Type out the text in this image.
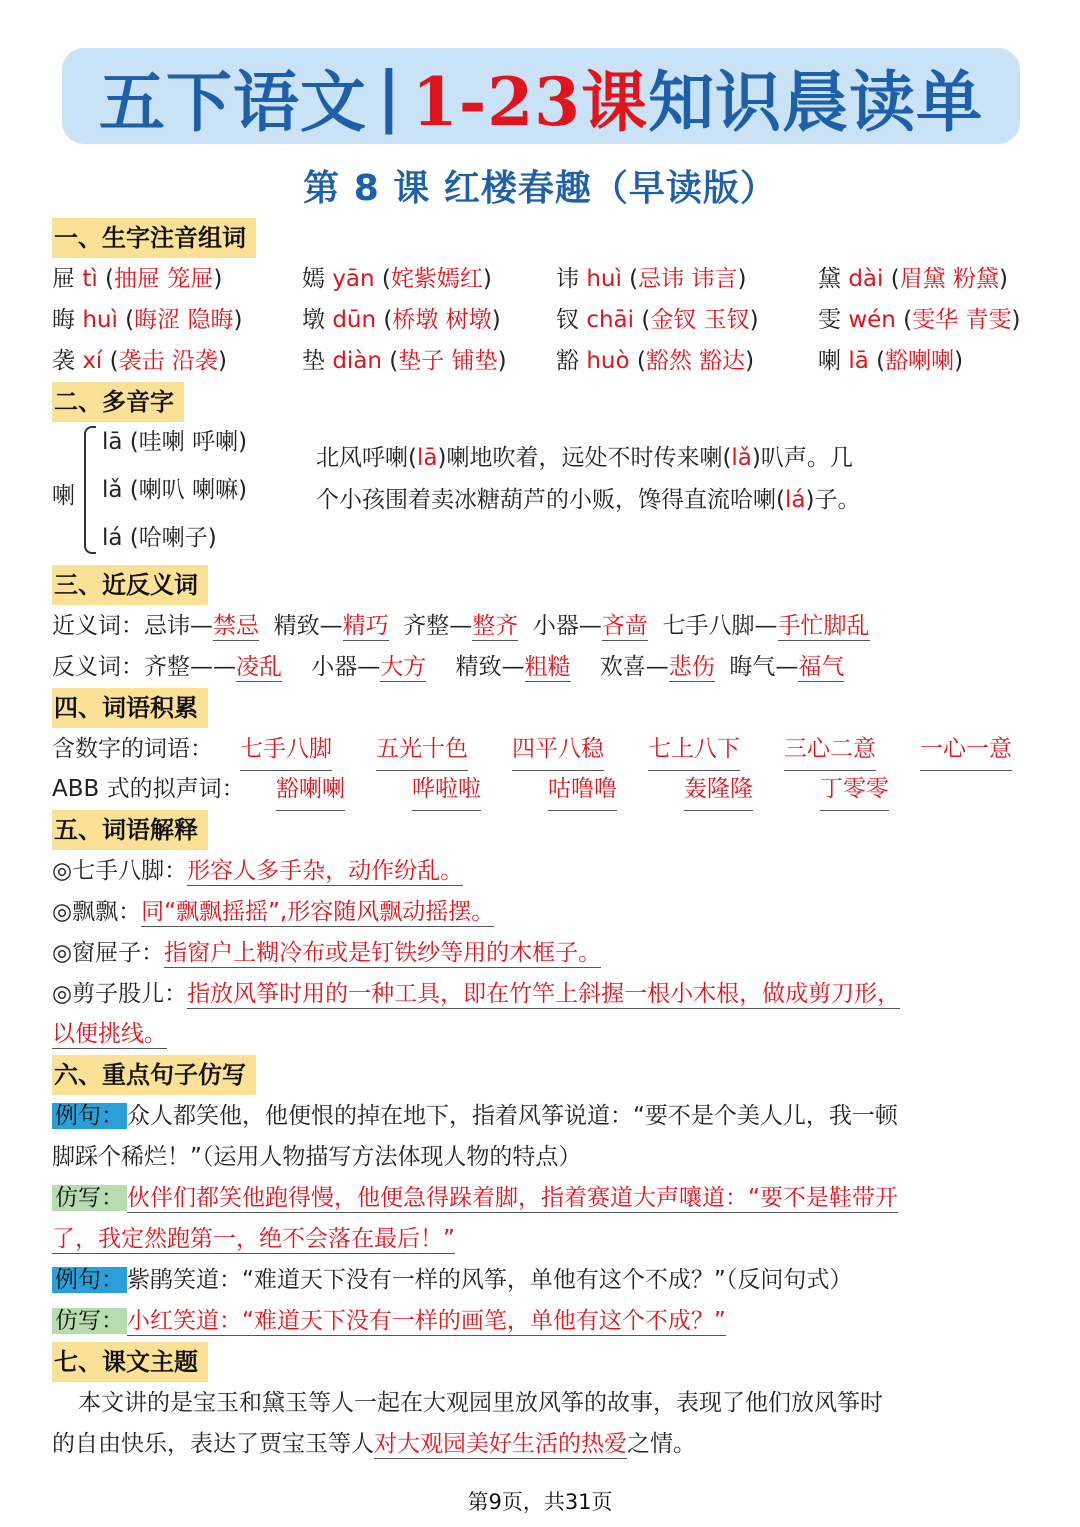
五下语文 | 1-23课 知识晨读单
第 8 课 红楼春趣（早读版）
一、生字注音组词
屉 tì (抽屉 笼屉)	嫣 yān (姹紫嫣红)	讳 huì (忌讳 讳言)	黛 dài (眉黛 粉黛)
晦 huì (晦涩 隐晦)	墩 dūn (桥墩 树墩) 钗 chāi (金钗 玉钗)	雯 wén (雯华 青雯)
袭 xí (袭击 沿袭)	垫 diàn (垫子 铺垫) 豁 huò (豁然 豁达)	喇 lā (豁喇喇)
二、多音字
喇
lā (哇喇 呼喇)
lǎ (喇叭 喇嘛)
lá (哈喇子)
北风呼喇(lā)喇地吹着，远处不时传来喇(lǎ)叭声。几
个小孩围着卖冰糖葫芦的小贩，馋得直流哈喇(lá)子。
三、近反义词
近义词：忌讳—禁忌 精致—精巧 齐整—整齐 小器—吝啬 七手八脚—手忙脚乱
反义词：齐整——凌乱 小器—大方 精致—粗糙 欢喜—悲伤 晦气—福气
四、词语积累
含数字的词语： 七手八脚 五光十色 四平八稳 七上八下 三心二意 一心一意
ABB 式的拟声词： 豁喇喇	哗啦啦	咕噜噜	轰隆隆	丁零零
五、词语解释
◎七手八脚：形容人多手杂，动作纷乱。
◎飘飘：同“飘飘摇摇”,形容随风飘动摇摆。
◎窗屉子：指窗户上糊冷布或是钉铁纱等用的木框子。
◎剪子股儿：指放风筝时用的一种工具，即在竹竿上斜握一根小木根，做成剪刀形，
以便挑线。
六、重点句子仿写
例句： 众人都笑他，他便恨的掉在地下，指着风筝说道：“要不是个美人儿，我一顿
脚踩个稀烂！”（运用人物描写方法体现人物的特点）
仿写： 伙伴们都笑他跑得慢，他便急得跺着脚，指着赛道大声嚷道：“要不是鞋带开
了，我定然跑第一，绝不会落在最后！”
例句： 紫鹃笑道：“难道天下没有一样的风筝，单他有这个不成？”（反问句式）
仿写： 小红笑道：“难道天下没有一样的画笔，单他有这个不成？”
七、课文主题
本文讲的是宝玉和黛玉等人一起在大观园里放风筝的故事，表现了他们放风筝时
的自由快乐，表达了贾宝玉等人对大观园美好生活的热爱之情。
第9页，共31页
